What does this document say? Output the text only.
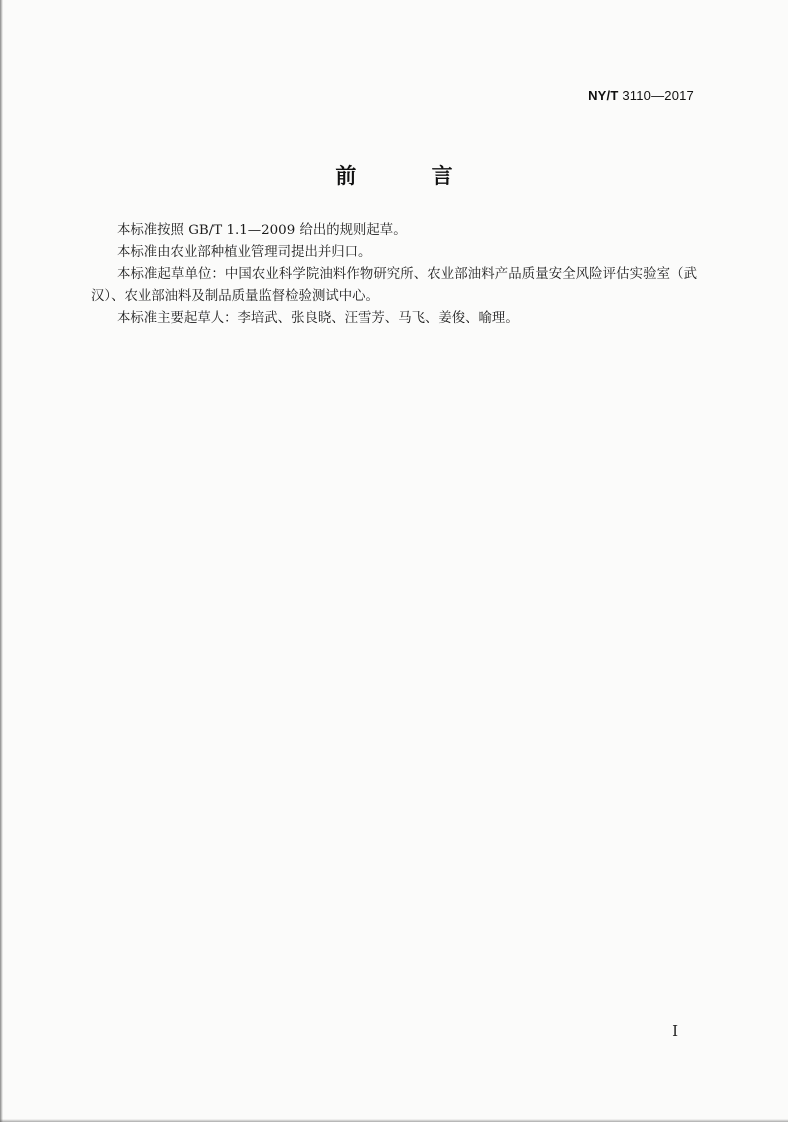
NY/T 3110—2017
前 言

本标准按照 GB/T 1.1—2009 给出的规则起草。

本标准由农业部种植业管理司提出并归口。

本标准起草单位：中国农业科学院油料作物研究所、农业部油料产品质量安全风险评估实验室（武汉）、农业部油料及制品质量监督检验测试中心。

本标准主要起草人：李培武、张良晓、汪雪芳、马飞、姜俊、喻理。

I
